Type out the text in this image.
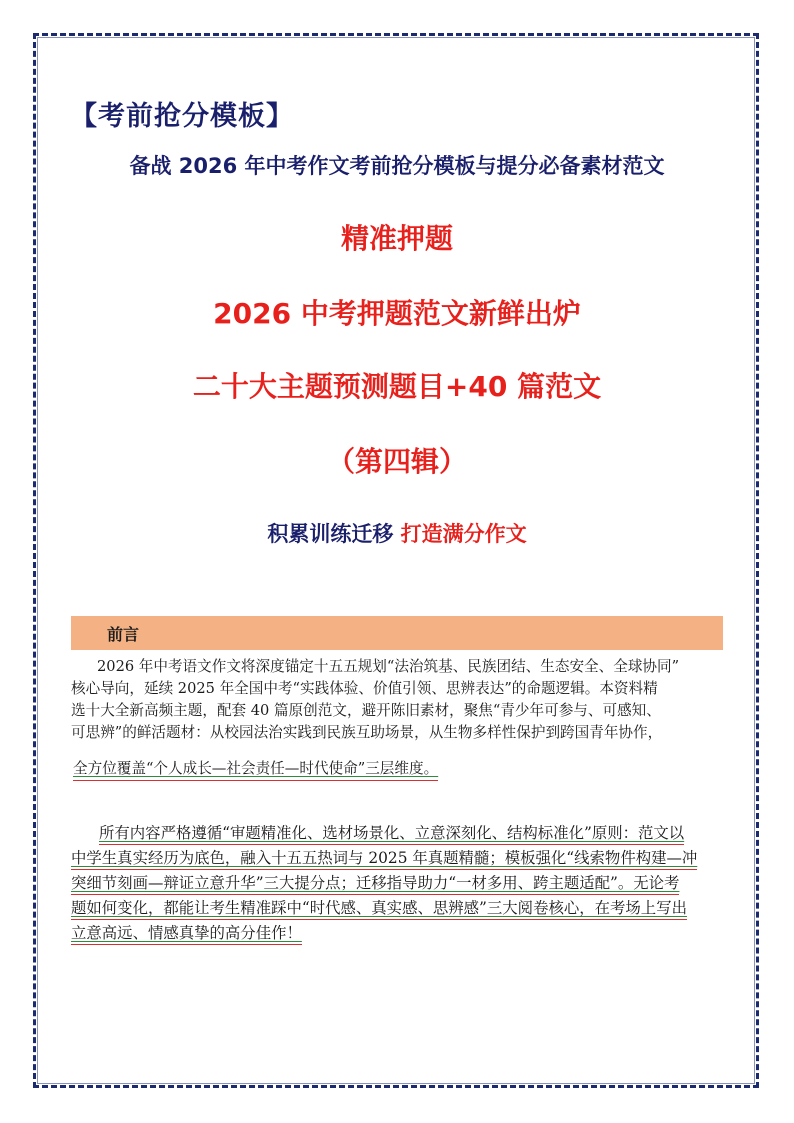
【考前抢分模板】
备战 2026 年中考作文考前抢分模板与提分必备素材范文
精准押题
2026 中考押题范文新鲜出炉
二十大主题预测题目+40 篇范文
（第四辑）
积累训练迁移 打造满分作文
前言
2026 年中考语文作文将深度锚定十五五规划“法治筑基、民族团结、生态安全、全球协同”
核心导向，延续 2025 年全国中考“实践体验、价值引领、思辨表达”的命题逻辑。本资料精
选十大全新高频主题，配套 40 篇原创范文，避开陈旧素材，聚焦“青少年可参与、可感知、
可思辨”的鲜活题材：从校园法治实践到民族互助场景，从生物多样性保护到跨国青年协作，
全方位覆盖“个人成长—社会责任—时代使命”三层维度。
所有内容严格遵循“审题精准化、选材场景化、立意深刻化、结构标准化”原则：范文以
中学生真实经历为底色，融入十五五热词与 2025 年真题精髓；模板强化“线索物件构建—冲
突细节刻画—辩证立意升华”三大提分点；迁移指导助力“一材多用、跨主题适配”。无论考
题如何变化，都能让考生精准踩中“时代感、真实感、思辨感”三大阅卷核心，在考场上写出
立意高远、情感真挚的高分佳作！
